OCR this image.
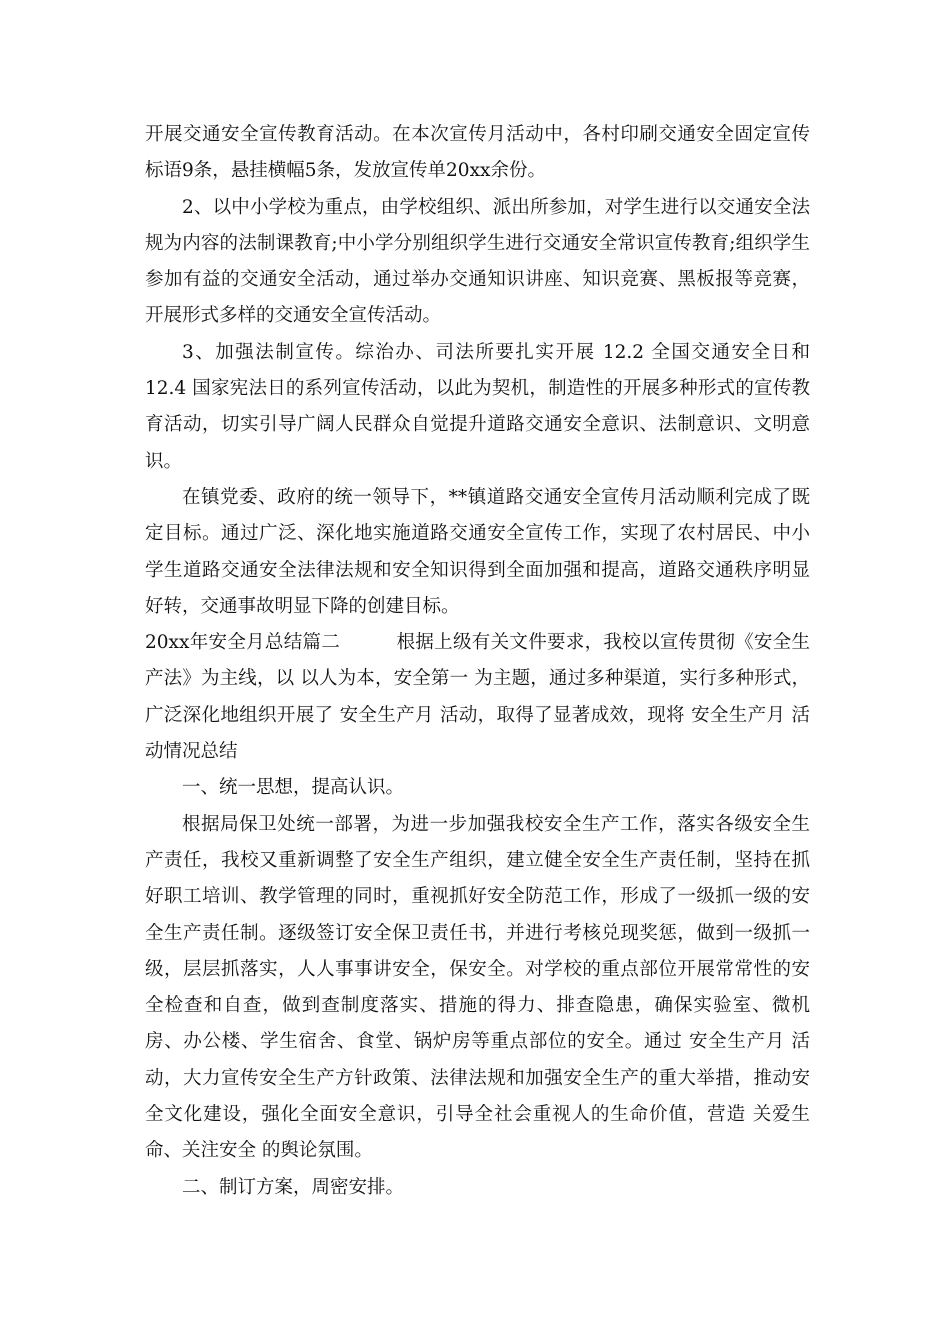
开展交通安全宣传教育活动。在本次宣传月活动中，各村印刷交通安全固定宣传标语9条，悬挂横幅5条，发放宣传单20xx余份。

2、以中小学校为重点，由学校组织、派出所参加，对学生进行以交通安全法规为内容的法制课教育;中小学分别组织学生进行交通安全常识宣传教育;组织学生参加有益的交通安全活动，通过举办交通知识讲座、知识竞赛、黑板报等竞赛，开展形式多样的交通安全宣传活动。

3、加强法制宣传。综治办、司法所要扎实开展 12.2 全国交通安全日和 12.4 国家宪法日的系列宣传活动，以此为契机，制造性的开展多种形式的宣传教育活动，切实引导广阔人民群众自觉提升道路交通安全意识、法制意识、文明意识。

在镇党委、政府的统一领导下，**镇道路交通安全宣传月活动顺利完成了既定目标。通过广泛、深化地实施道路交通安全宣传工作，实现了农村居民、中小学生道路交通安全法律法规和安全知识得到全面加强和提高，道路交通秩序明显好转，交通事故明显下降的创建目标。

20xx年安全月总结篇二　　　根据上级有关文件要求，我校以宣传贯彻《安全生产法》为主线，以 以人为本，安全第一 为主题，通过多种渠道，实行多种形式，广泛深化地组织开展了 安全生产月 活动，取得了显著成效，现将 安全生产月 活动情况总结

一、统一思想，提高认识。

根据局保卫处统一部署，为进一步加强我校安全生产工作，落实各级安全生产责任，我校又重新调整了安全生产组织，建立健全安全生产责任制，坚持在抓好职工培训、教学管理的同时，重视抓好安全防范工作，形成了一级抓一级的安全生产责任制。逐级签订安全保卫责任书，并进行考核兑现奖惩，做到一级抓一级，层层抓落实，人人事事讲安全，保安全。对学校的重点部位开展常常性的安全检查和自查，做到查制度落实、措施的得力、排查隐患，确保实验室、微机房、办公楼、学生宿舍、食堂、锅炉房等重点部位的安全。通过 安全生产月 活动，大力宣传安全生产方针政策、法律法规和加强安全生产的重大举措，推动安全文化建设，强化全面安全意识，引导全社会重视人的生命价值，营造 关爱生命、关注安全 的舆论氛围。

二、制订方案，周密安排。
